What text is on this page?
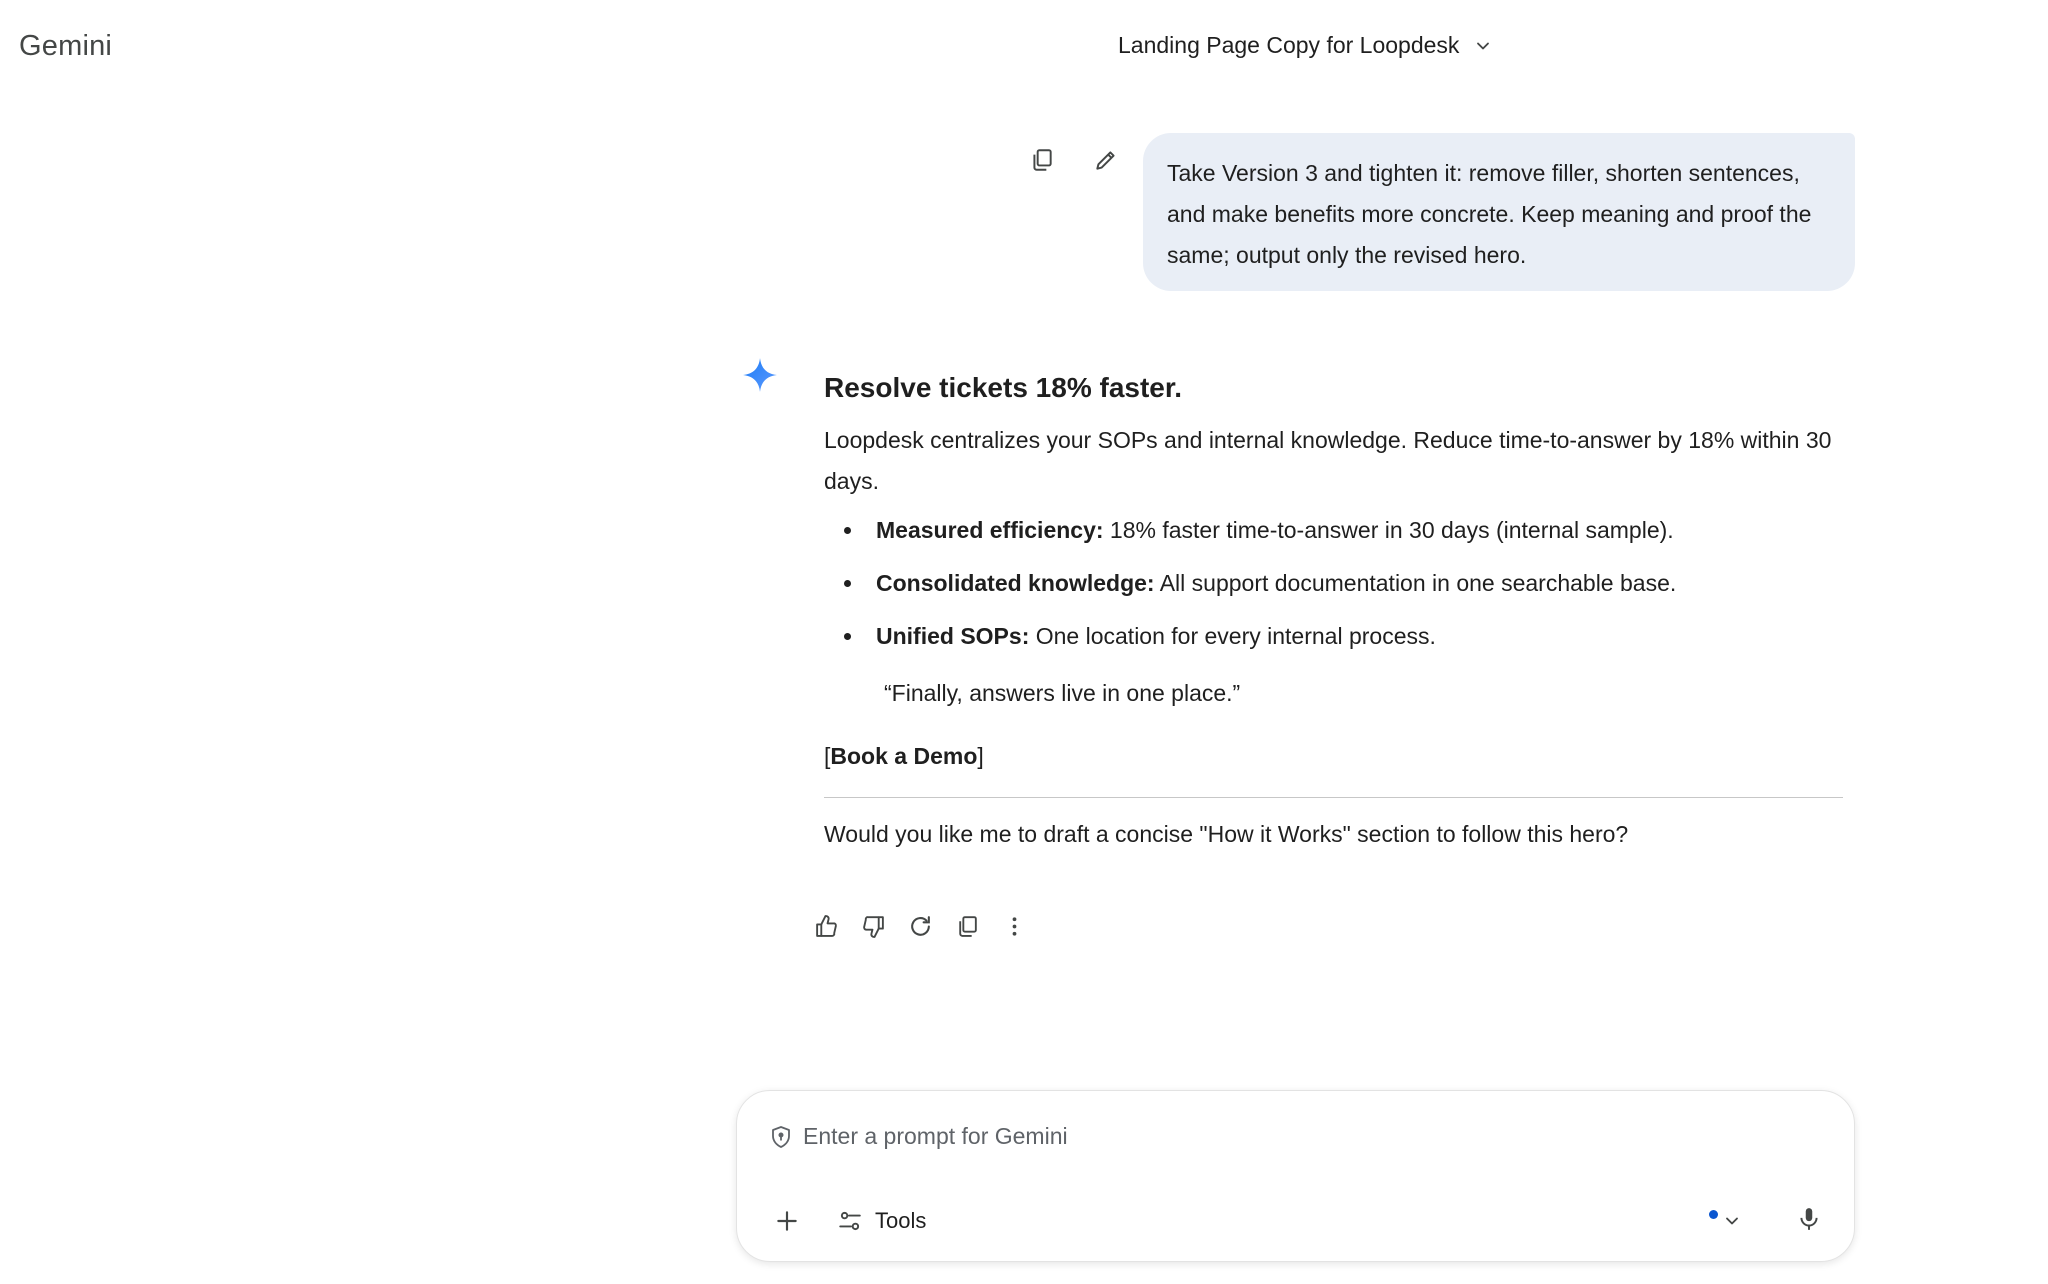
Gemini	Landing Page Copy for Loopdesk
Take Version 3 and tighten it: remove filler, shorten sentences, and make benefits more concrete. Keep meaning and proof the same; output only the revised hero.
Resolve tickets 18% faster.
Loopdesk centralizes your SOPs and internal knowledge. Reduce time-to-answer by 18% within 30 days.
Measured efficiency: 18% faster time-to-answer in 30 days (internal sample).
Consolidated knowledge: All support documentation in one searchable base.
Unified SOPs: One location for every internal process.
“Finally, answers live in one place.”
[Book a Demo]
Would you like me to draft a concise "How it Works" section to follow this hero?
Enter a prompt for Gemini
Tools
